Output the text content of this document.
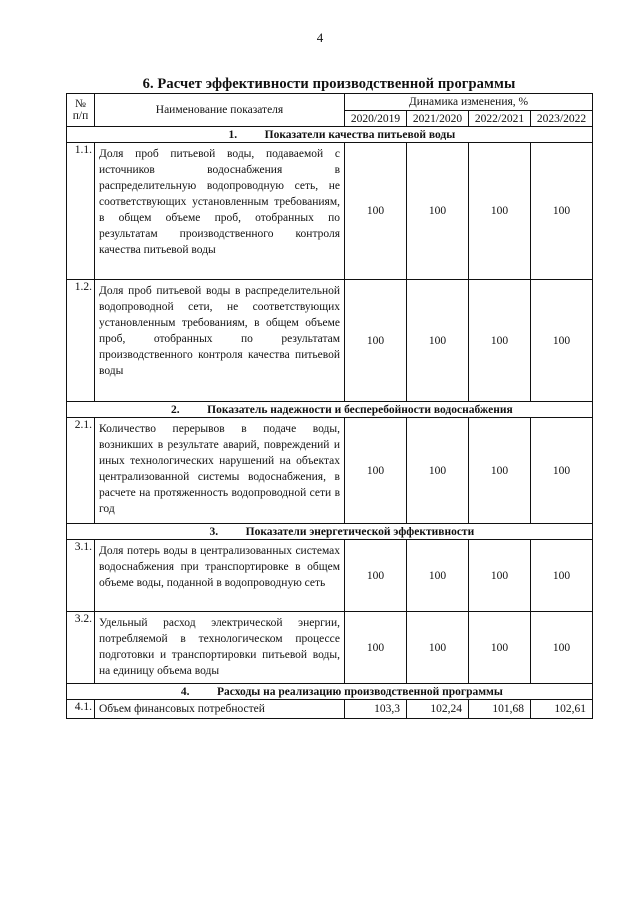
4
6. Расчет эффективности производственной программы
№ п/п	Наименование показателя	Динамика изменения, %			
		2020/2019	2021/2020	2022/2021	2023/2022
1. Показатели качества питьевой воды					
1.1.	Доля проб питьевой воды, подаваемой с источников водоснабжения в распределительную водопроводную сеть, не соответствующих установленным требованиям, в общем объеме проб, отобранных по результатам производственного контроля качества питьевой воды	100	100	100	100
1.2.	Доля проб питьевой воды в распределительной водопроводной сети, не соответствующих установленным требованиям, в общем объеме проб, отобранных по результатам производственного контроля качества питьевой воды	100	100	100	100
2. Показатель надежности и бесперебойности водоснабжения					
2.1.	Количество перерывов в подаче воды, возникших в результате аварий, повреждений и иных технологических нарушений на объектах централизованной системы водоснабжения, в расчете на протяженность водопроводной сети в год	100	100	100	100
3. Показатели энергетической эффективности					
3.1.	Доля потерь воды в централизованных системах водоснабжения при транспортировке в общем объеме воды, поданной в водопроводную сеть	100	100	100	100
3.2.	Удельный расход электрической энергии, потребляемой в технологическом процессе подготовки и транспортировки питьевой воды, на единицу объема воды	100	100	100	100
4. Расходы на реализацию производственной программы					
4.1.	Объем финансовых потребностей	103,3	102,24	101,68	102,61
